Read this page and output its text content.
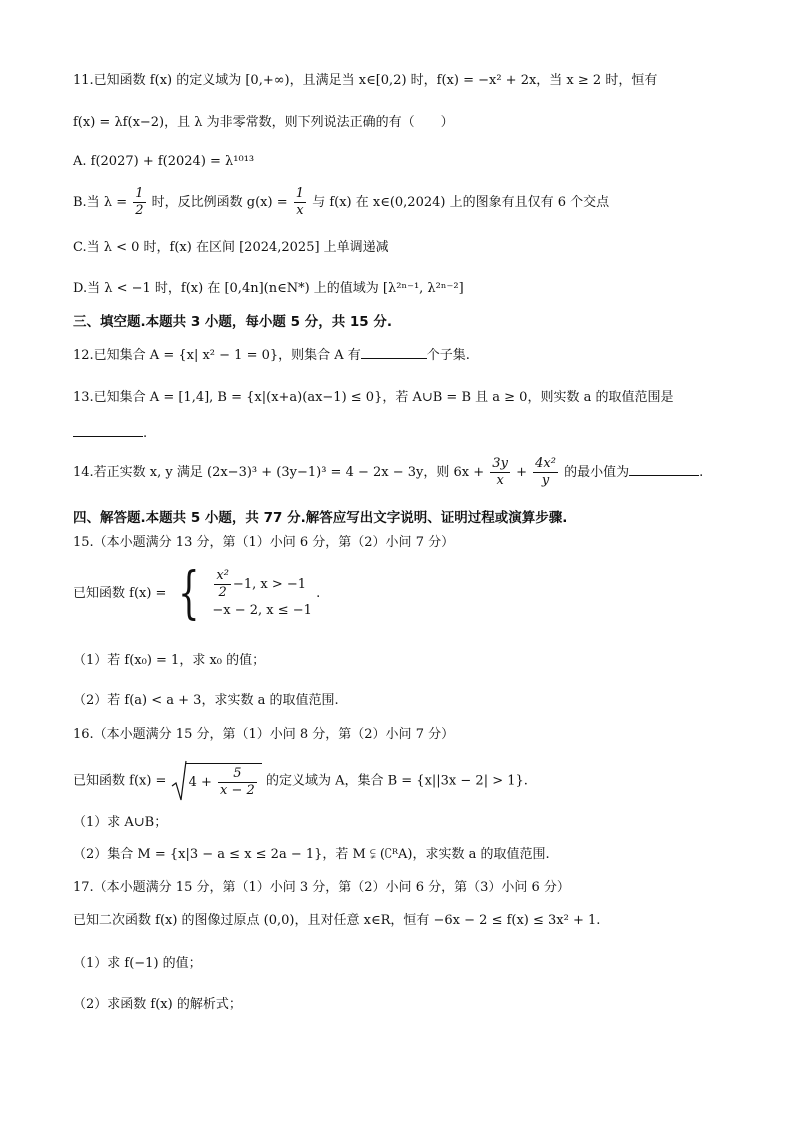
11.已知函数 f(x) 的定义域为 [0,+∞)，且满足当 x∈[0,2) 时，f(x) = −x² + 2x，当 x ≥ 2 时，恒有
f(x) = λf(x−2)，且 λ 为非零常数，则下列说法正确的有（　　）
A. f(2027) + f(2024) = λ¹⁰¹³
B.当 $\lambda = \frac{1}{2}$ 时，反比例函数 $g(x) = \frac{1}{x}$ 与 f(x) 在 x∈(0,2024) 上的图象有且仅有 6 个交点
C.当 λ < 0 时，f(x) 在区间 [2024,2025] 上单调递减
D.当 λ < −1 时，f(x) 在 [0,4n](n∈N*) 上的值域为 [λ²ⁿ⁻¹, λ²ⁿ⁻²]
三、填空题.本题共 3 小题，每小题 5 分，共 15 分.
12.已知集合 A = {x| x² − 1 = 0}，则集合 A 有	个子集.
13.已知集合 A = [1,4], B = {x|(x+a)(ax−1) ≤ 0}，若 A∪B = B 且 a ≥ 0，则实数 a 的取值范围是
.
14.若正实数 x, y 满足 (2x−3)³ + (3y−1)³ = 4 − 2x − 3y，则 $6x + \frac{3y}{x} + \frac{\text{4x²}}{y}$ 的最小值为	.
四、解答题.本题共 5 小题，共 77 分.解答应写出文字说明、证明过程或演算步骤.
15.（本小题满分 13 分，第（1）小问 6 分，第（2）小问 7 分）
已知函数 f(x) = { $\frac{\text{x²}}{2} -1$, x > −1
−x − 2, x ≤ −1
.
（1）若 f(x₀) = 1，求 x₀ 的值；
（2）若 f(a) < a + 3，求实数 a 的取值范围.
16.（本小题满分 15 分，第（1）小问 8 分，第（2）小问 7 分）
已知函数 $f(x) = 4 + \frac{5}{x - 2}$ 的定义域为 A，集合 B = {x||3x − 2| > 1}.
（1）求 A∪B；
（2）集合 M = {x|3 − a ≤ x ≤ 2a − 1}，若 M ⫋ (∁ᴿA)，求实数 a 的取值范围.
17.（本小题满分 15 分，第（1）小问 3 分，第（2）小问 6 分，第（3）小问 6 分）
已知二次函数 f(x) 的图像过原点 (0,0)，且对任意 x∈R，恒有 −6x − 2 ≤ f(x) ≤ 3x² + 1.
（1）求 f(−1) 的值；
（2）求函数 f(x) 的解析式；
